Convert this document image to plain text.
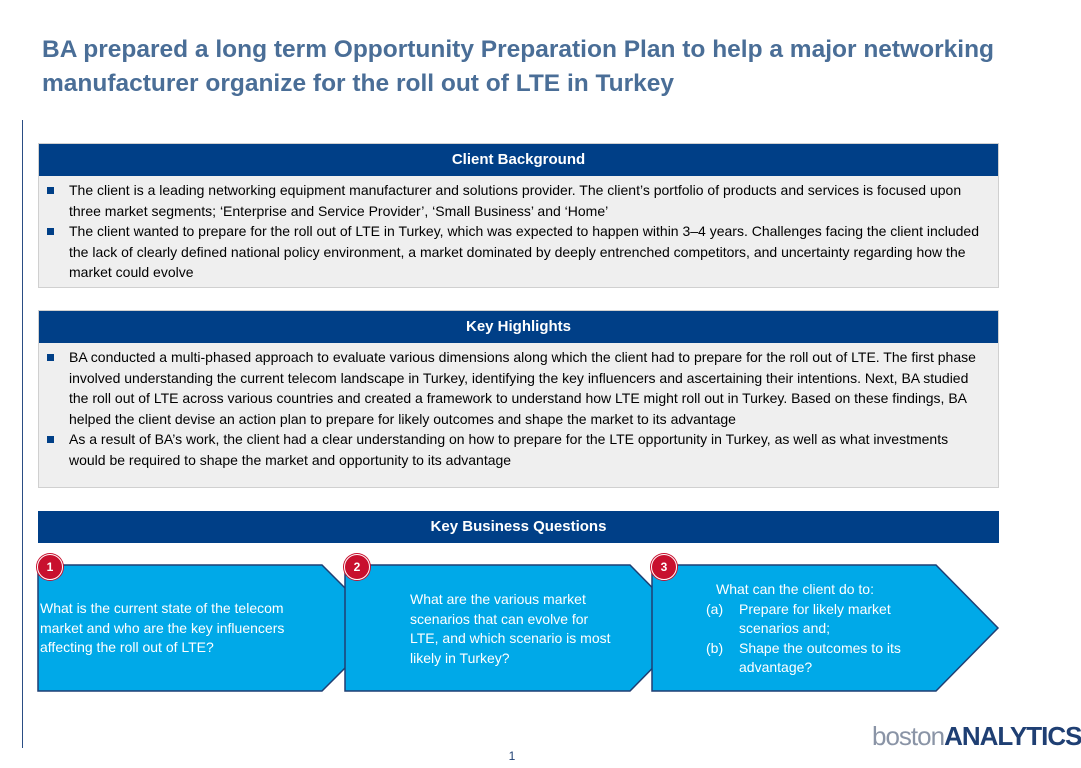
BA prepared a long term Opportunity Preparation Plan to help a major networking manufacturer organize for the roll out of LTE in Turkey
Client Background
The client is a leading networking equipment manufacturer and solutions provider. The client’s portfolio of products and services is focused upon three market segments; ‘Enterprise and Service Provider’, ‘Small Business’ and ‘Home’
The client wanted to prepare for the roll out of LTE in Turkey, which was expected to happen within 3–4 years. Challenges facing the client included the lack of clearly defined national policy environment, a market dominated by deeply entrenched competitors, and uncertainty regarding how the market could evolve
Key Highlights
BA conducted a multi-phased approach to evaluate various dimensions along which the client had to prepare for the roll out of LTE. The first phase involved understanding the current telecom landscape in Turkey, identifying the key influencers and ascertaining their intentions. Next, BA studied the roll out of LTE across various countries and created a framework to understand how LTE might roll out in Turkey. Based on these findings, BA helped the client devise an action plan to prepare for likely outcomes and shape the market to its advantage
As a result of BA’s work, the client had a clear understanding on how to prepare for the LTE opportunity in Turkey, as well as what investments would be required to shape the market and opportunity to its advantage
Key Business Questions
1	2	3
What is the current state of the telecom market and who are the key influencers affecting the roll out of LTE?
What are the various market scenarios that can evolve for LTE, and which scenario is most likely in Turkey?
What can the client do to:
(a)	Prepare for likely market scenarios and;
(b)	Shape the outcomes to its advantage?
bostonANALYTICS
1
